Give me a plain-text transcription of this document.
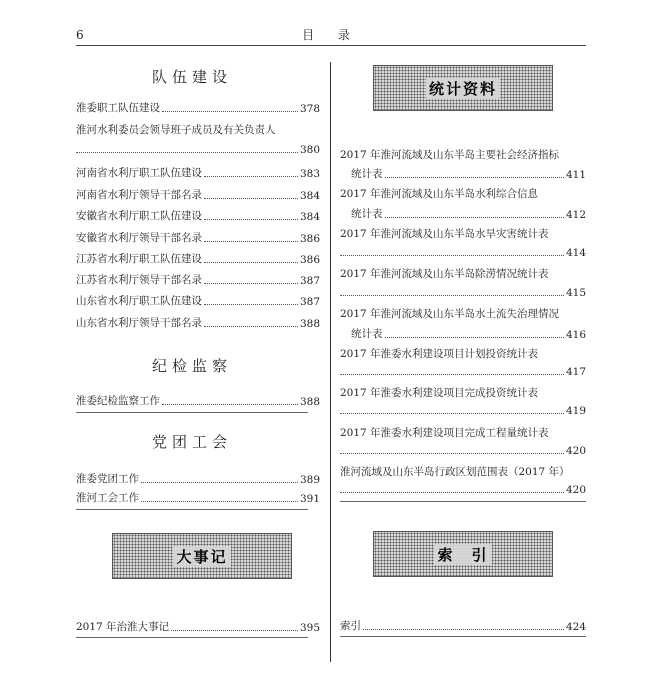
6	目 录
队伍建设
淮委职工队伍建设	378
淮河水利委员会领导班子成员及有关负责人
380
河南省水利厅职工队伍建设	383
河南省水利厅领导干部名录	384
安徽省水利厅职工队伍建设	384
安徽省水利厅领导干部名录	386
江苏省水利厅职工队伍建设	386
江苏省水利厅领导干部名录	387
山东省水利厅职工队伍建设	387
山东省水利厅领导干部名录	388
纪检监察
淮委纪检监察工作	388
党团工会
淮委党团工作	389
淮河工会工作	391
大事记
2017 年治淮大事记	395
统计资料
2017 年淮河流域及山东半岛主要社会经济指标
统计表	411
2017 年淮河流域及山东半岛水利综合信息
统计表	412
2017 年淮河流域及山东半岛水旱灾害统计表
414
2017 年淮河流域及山东半岛除涝情况统计表
415
2017 年淮河流域及山东半岛水土流失治理情况
统计表	416
2017 年淮委水利建设项目计划投资统计表
417
2017 年淮委水利建设项目完成投资统计表
419
2017 年淮委水利建设项目完成工程量统计表
420
淮河流域及山东半岛行政区划范围表（2017 年）
420
索　引
索引	424
